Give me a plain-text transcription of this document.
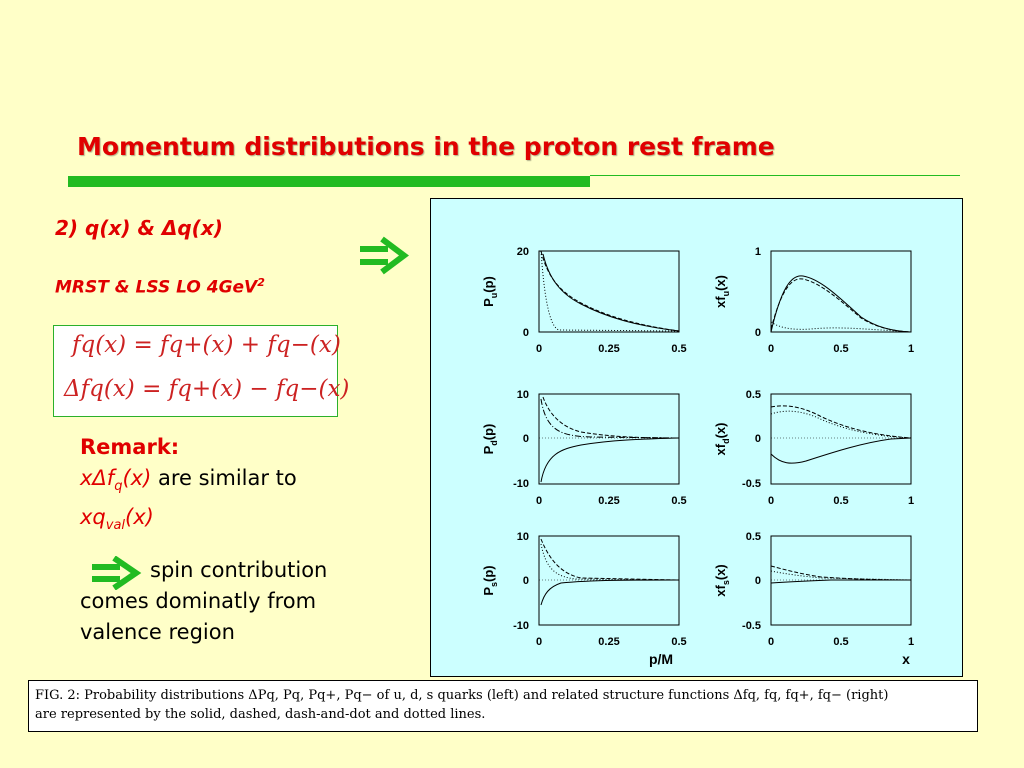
Momentum distributions in the proton rest frame
2) q(x) & Δq(x)
MRST & LSS LO 4GeV$^2$
fq(x) = fq+(x) + fq−(x)
Δfq(x) = fq+(x) − fq−(x)
Remark:
xΔf$_q$(x) are similar to
$xq_{val}(x)$
spin contribution
comes dominatly from
valence region
20
0
0	0.25	0.5
$P_u(p)$
1
0
0	0.5	1
$xf_u(x)$
10
0
-10
0	0.25	0.5
$P_d(p)$
0.5
0
-0.5
0	0.5	1
$xf_d(x)$
10
0
-10
0	0.25	0.5
$P_s(p)$
0.5
0
-0.5
0	0.5	1
$xf_s(x)$
p/M	x
FIG. 2: Probability distributions ΔPq, Pq, Pq+, Pq− of u, d, s quarks (left) and related structure functions Δfq, fq, fq+, fq− (right)
are represented by the solid, dashed, dash-and-dot and dotted lines.
